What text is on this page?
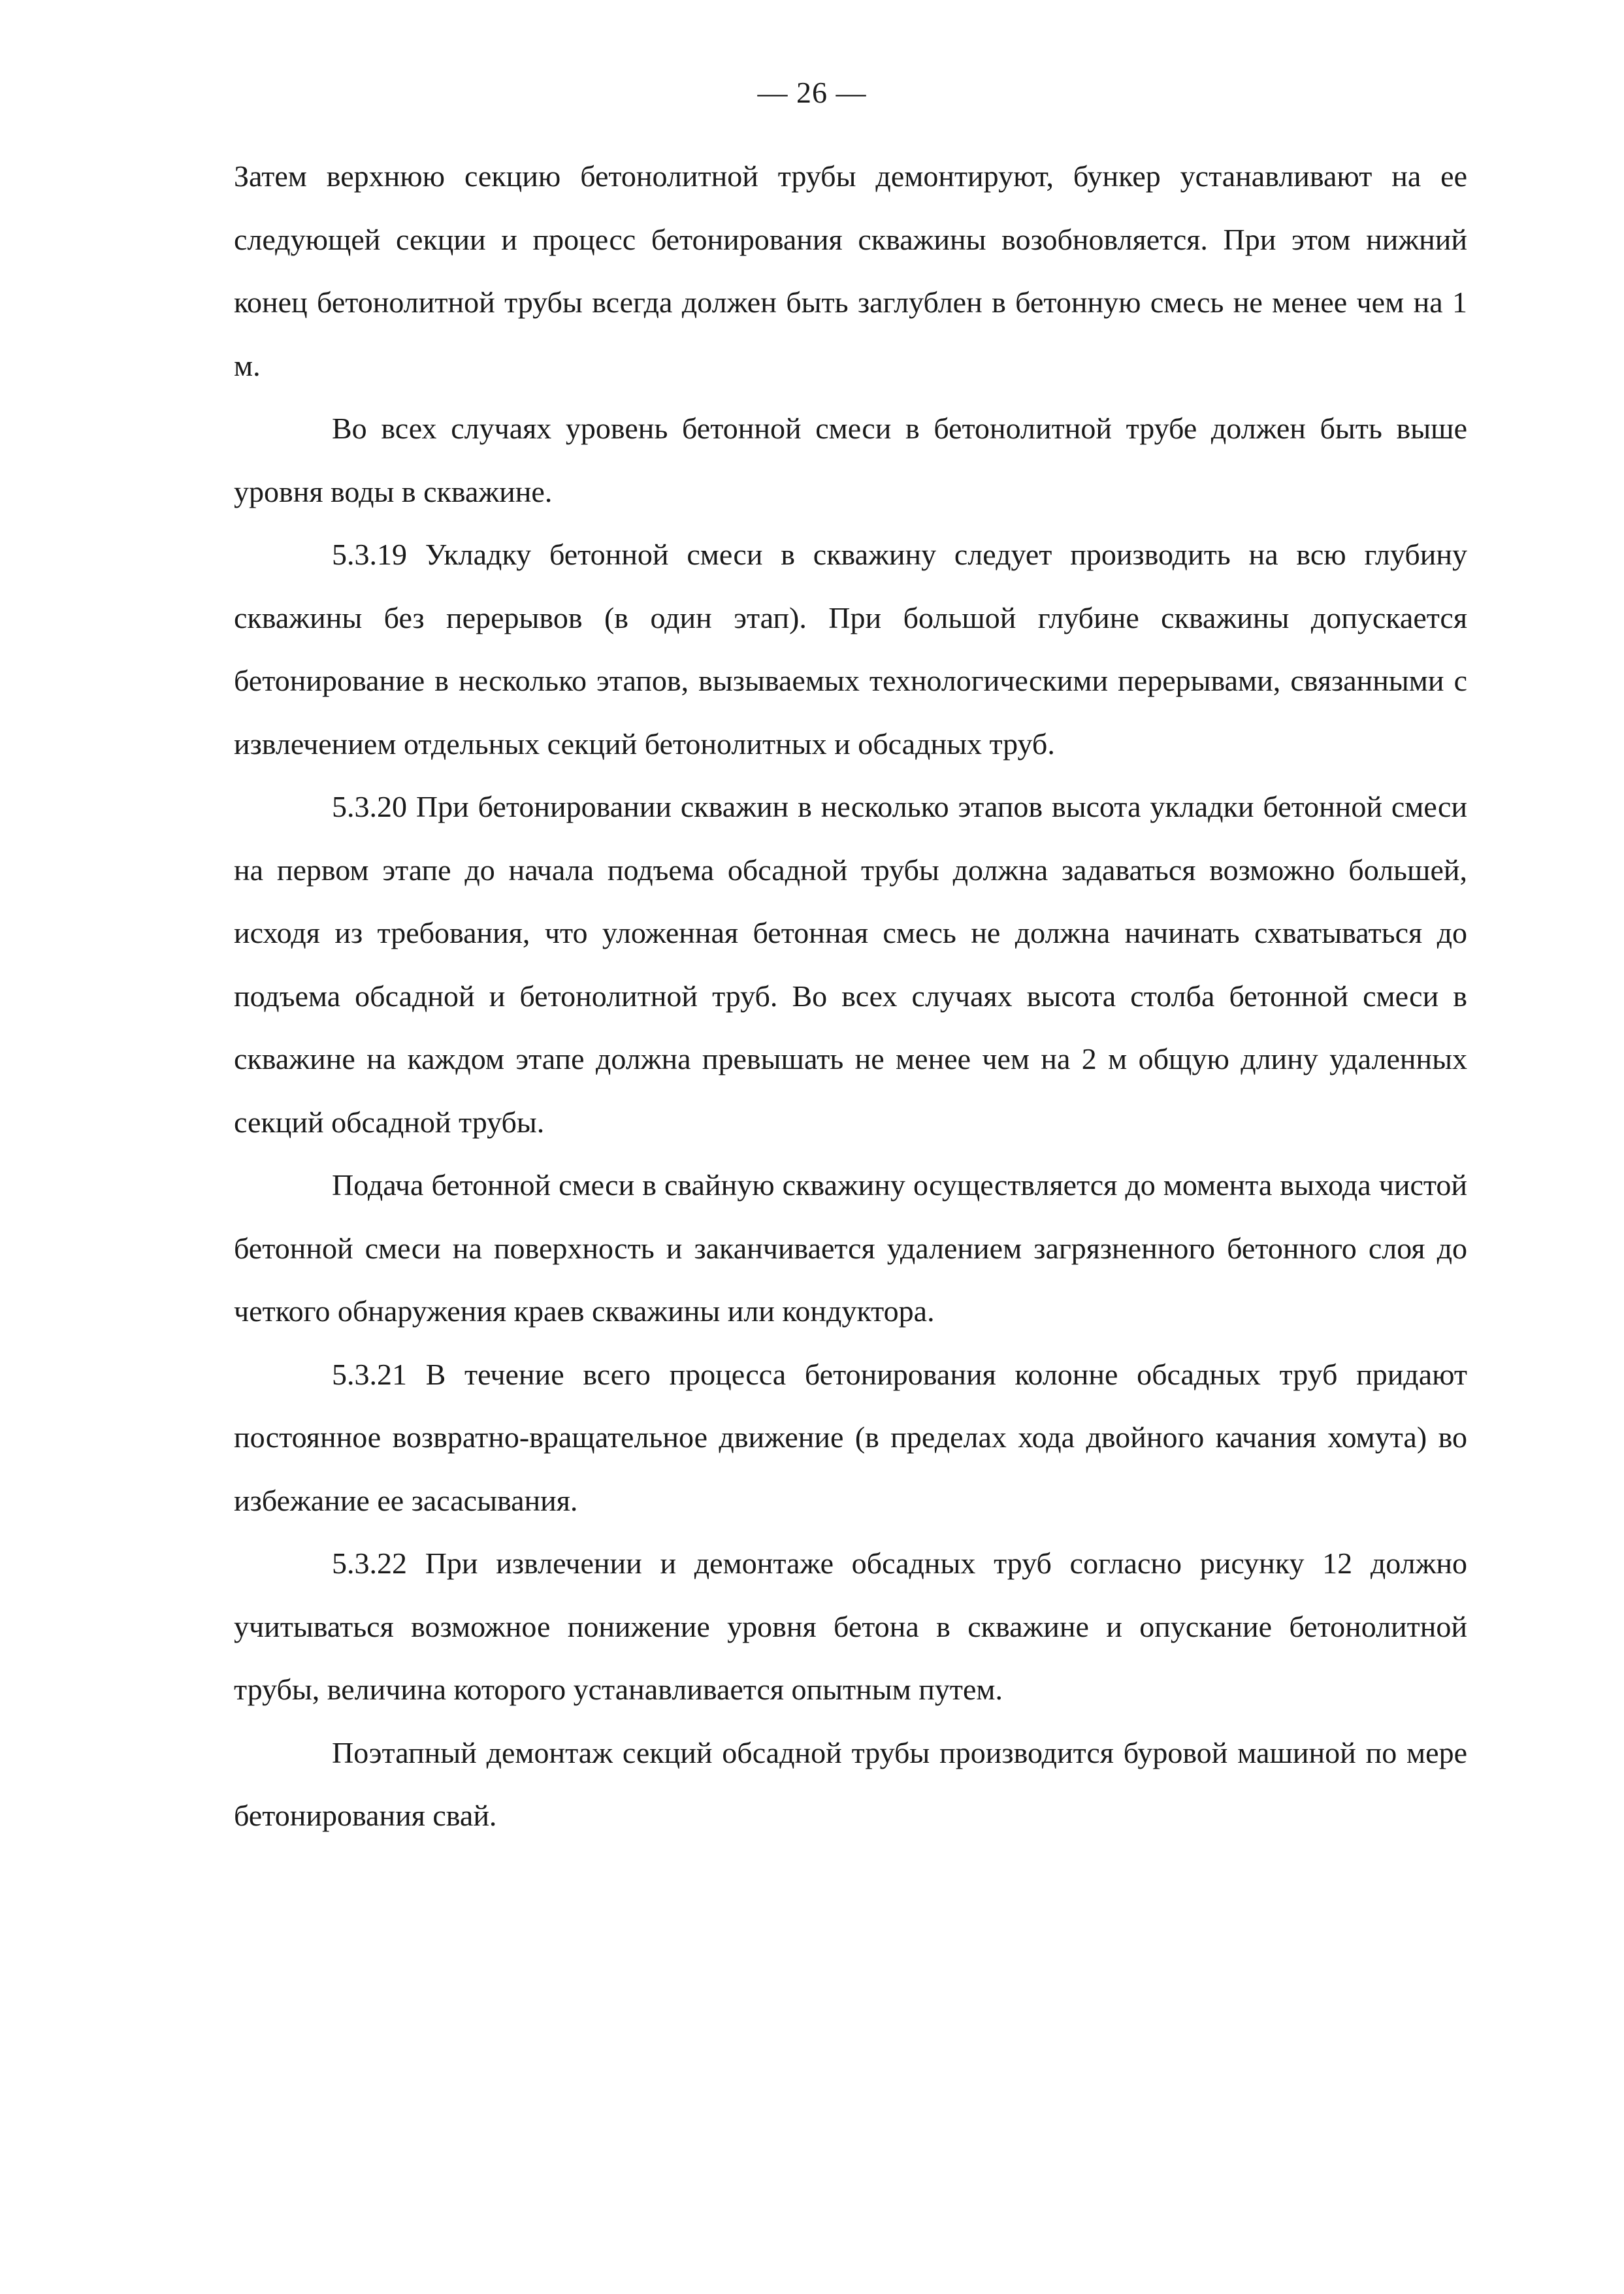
— 26 —

Затем верхнюю секцию бетонолитной трубы демонтируют, бункер устанавливают на ее следующей секции и процесс бетонирования скважины возобновляется. При этом нижний конец бетонолитной трубы всегда должен быть заглублен в бетонную смесь не менее чем на 1 м.

Во всех случаях уровень бетонной смеси в бетонолитной трубе должен быть выше уровня воды в скважине.

5.3.19 Укладку бетонной смеси в скважину следует производить на всю глубину скважины без перерывов (в один этап). При большой глубине скважины допускается бетонирование в несколько этапов, вызываемых технологическими перерывами, связанными с извлечением отдельных секций бетонолитных и обсадных труб.

5.3.20 При бетонировании скважин в несколько этапов высота укладки бетонной смеси на первом этапе до начала подъема обсадной трубы должна задаваться возможно большей, исходя из требования, что уложенная бетонная смесь не должна начинать схватываться до подъема обсадной и бетонолитной труб. Во всех случаях высота столба бетонной смеси в скважине на каждом этапе должна превышать не менее чем на 2 м общую длину удаленных секций обсадной трубы.

Подача бетонной смеси в свайную скважину осуществляется до момента выхода чистой бетонной смеси на поверхность и заканчивается удалением загрязненного бетонного слоя до четкого обнаружения краев скважины или кондуктора.

5.3.21 В течение всего процесса бетонирования колонне обсадных труб придают постоянное возвратно-вращательное движение (в пределах хода двойного качания хомута) во избежание ее засасывания.

5.3.22 При извлечении и демонтаже обсадных труб согласно рисунку 12 должно учитываться возможное понижение уровня бетона в скважине и опускание бетонолитной трубы, величина которого устанавливается опытным путем.

Поэтапный демонтаж секций обсадной трубы производится буровой машиной по мере бетонирования свай.
